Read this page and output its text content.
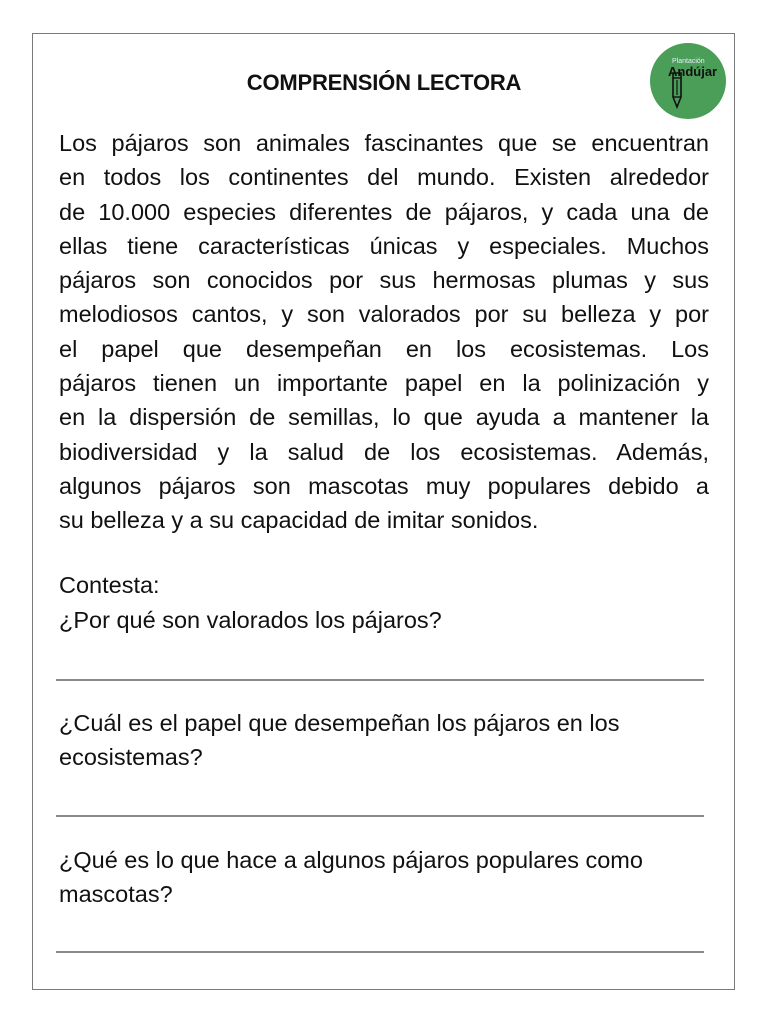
COMPRENSIÓN LECTORA
Plantación
Andújar
Los pájaros son animales fascinantes que se encuentran
en todos los continentes del mundo. Existen alrededor
de 10.000 especies diferentes de pájaros, y cada una de
ellas tiene características únicas y especiales. Muchos
pájaros son conocidos por sus hermosas plumas y sus
melodiosos cantos, y son valorados por su belleza y por
el papel que desempeñan en los ecosistemas. Los
pájaros tienen un importante papel en la polinización y
en la dispersión de semillas, lo que ayuda a mantener la
biodiversidad y la salud de los ecosistemas. Además,
algunos pájaros son mascotas muy populares debido a
su belleza y a su capacidad de imitar sonidos.
Contesta:
¿Por qué son valorados los pájaros?
¿Cuál es el papel que desempeñan los pájaros en los
ecosistemas?
¿Qué es lo que hace a algunos pájaros populares como
mascotas?
